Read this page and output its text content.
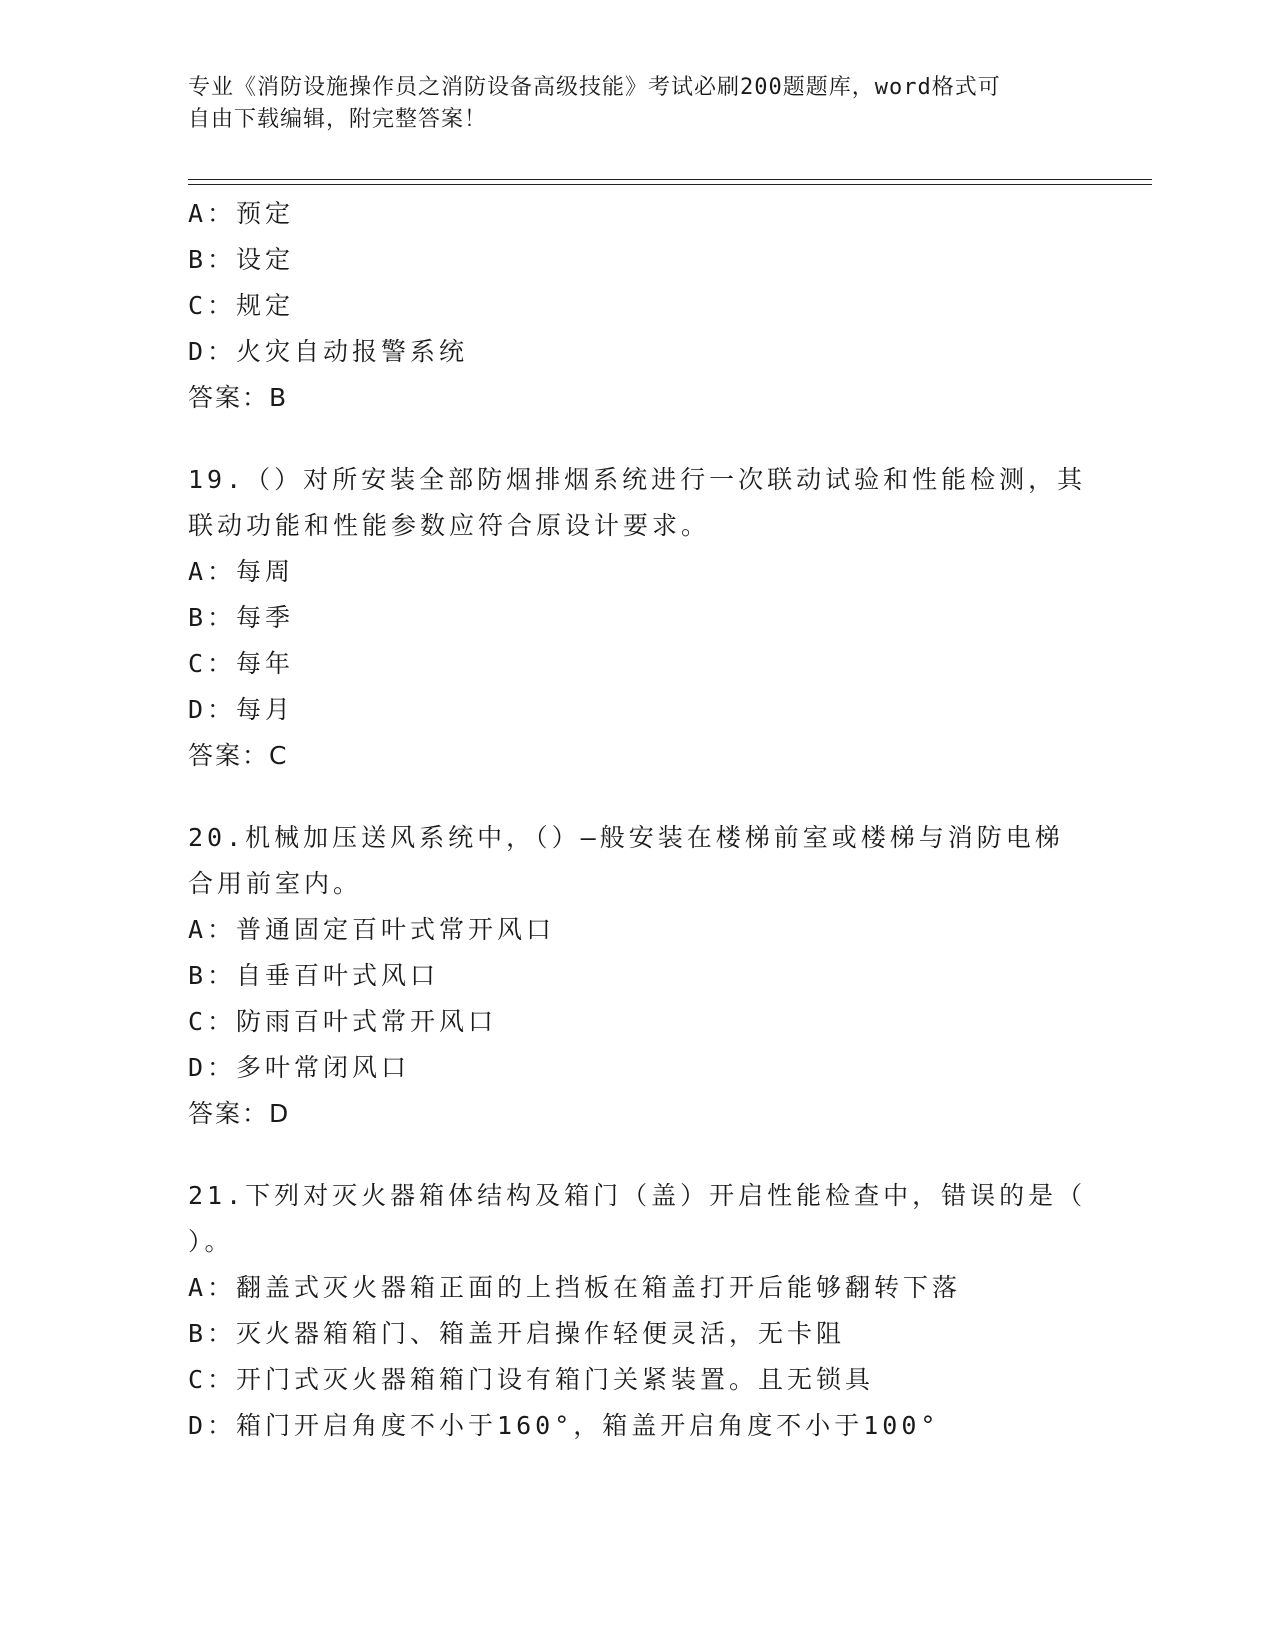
专业《消防设施操作员之消防设备高级技能》考试必刷200题题库，word格式可
自由下载编辑，附完整答案！
A：预定
B：设定
C：规定
D：火灾自动报警系统
答案：B
19.（）对所安装全部防烟排烟系统进行一次联动试验和性能检测，其
联动功能和性能参数应符合原设计要求。
A：每周
B：每季
C：每年
D：每月
答案：C
20.机械加压送风系统中，（）—般安装在楼梯前室或楼梯与消防电梯
合用前室内。
A：普通固定百叶式常开风口
B：自垂百叶式风口
C：防雨百叶式常开风口
D：多叶常闭风口
答案：D
21.下列对灭火器箱体结构及箱门（盖）开启性能检查中，错误的是（
）。
A：翻盖式灭火器箱正面的上挡板在箱盖打开后能够翻转下落
B：灭火器箱箱门、箱盖开启操作轻便灵活，无卡阻
C：开门式灭火器箱箱门设有箱门关紧装置。且无锁具
D：箱门开启角度不小于160°，箱盖开启角度不小于100°
